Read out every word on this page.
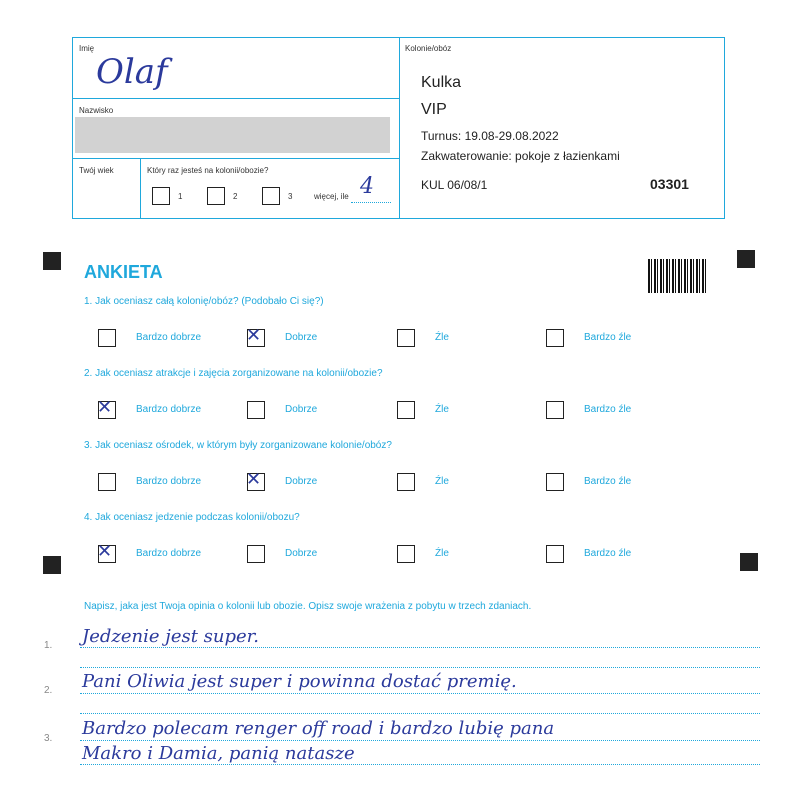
Imię
Olaf
Nazwisko
Twój wiek	Który raz jesteś na kolonii/obozie?
1	2	3	więcej, ile 4
Kolonie/obóz
Kulka
VIP
Turnus: 19.08-29.08.2022
Zakwaterowanie: pokoje z łazienkami
KUL 06/08/1	03301
ANKIETA
1. Jak oceniasz całą kolonię/obóz? (Podobało Ci się?)
Bardzo dobrze ✕ Dobrze	Źle	Bardzo źle
2. Jak oceniasz atrakcje i zajęcia zorganizowane na kolonii/obozie?
✕ Bardzo dobrze	Dobrze	Źle	Bardzo źle
3. Jak oceniasz ośrodek, w którym były zorganizowane kolonie/obóz?
Bardzo dobrze ✕ Dobrze	Źle	Bardzo źle
4. Jak oceniasz jedzenie podczas kolonii/obozu?
✕ Bardzo dobrze	Dobrze	Źle	Bardzo źle
Napisz, jaka jest Twoja opinia o kolonii lub obozie. Opisz swoje wrażenia z pobytu w trzech zdaniach.
1. Jedzenie jest super.
2. Pani Oliwia jest super i powinna dostać premię.
3. Bardzo polecam renger off road i bardzo lubię pana
Makro i Damia, panią natasze
